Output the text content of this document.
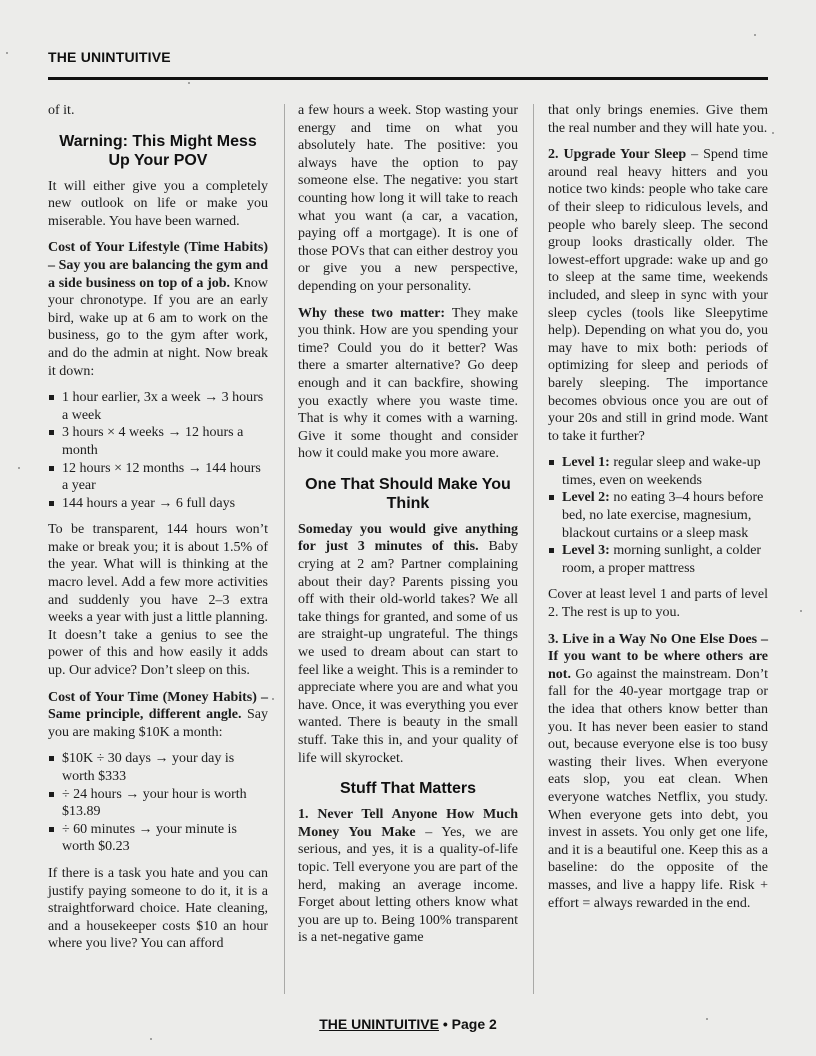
THE UNINTUITIVE

of it.

Warning: This Might Mess Up Your POV

It will either give you a completely new outlook on life or make you miserable. You have been warned.

Cost of Your Lifestyle (Time Habits) – Say you are balancing the gym and a side business on top of a job. Know your chronotype. If you are an early bird, wake up at 6 am to work on the business, go to the gym after work, and do the admin at night. Now break it down:

1 hour earlier, 3x a week → 3 hours a week
3 hours × 4 weeks → 12 hours a month
12 hours × 12 months → 144 hours a year
144 hours a year → 6 full days

To be transparent, 144 hours won’t make or break you; it is about 1.5% of the year. What will is thinking at the macro level. Add a few more activities and suddenly you have 2–3 extra weeks a year with just a little planning. It doesn’t take a genius to see the power of this and how easily it adds up. Our advice? Don’t sleep on this.

Cost of Your Time (Money Habits) – Same principle, different angle. Say you are making $10K a month:

$10K ÷ 30 days → your day is worth $333
÷ 24 hours → your hour is worth $13.89
÷ 60 minutes → your minute is worth $0.23

If there is a task you hate and you can justify paying someone to do it, it is a straightforward choice. Hate cleaning, and a housekeeper costs $10 an hour where you live? You can afford

a few hours a week. Stop wasting your energy and time on what you absolutely hate. The positive: you always have the option to pay someone else. The negative: you start counting how long it will take to reach what you want (a car, a vacation, paying off a mortgage). It is one of those POVs that can either destroy you or give you a new perspective, depending on your personality.

Why these two matter: They make you think. How are you spending your time? Could you do it better? Was there a smarter alternative? Go deep enough and it can backfire, showing you exactly where you waste time. That is why it comes with a warning. Give it some thought and consider how it could make you more aware.

One That Should Make You Think

Someday you would give anything for just 3 minutes of this. Baby crying at 2 am? Partner complaining about their day? Parents pissing you off with their old-world takes? We all take things for granted, and some of us are straight-up ungrateful. The things we used to dream about can start to feel like a weight. This is a reminder to appreciate where you are and what you have. Once, it was everything you ever wanted. There is beauty in the small stuff. Take this in, and your quality of life will skyrocket.

Stuff That Matters

1. Never Tell Anyone How Much Money You Make – Yes, we are serious, and yes, it is a quality-of-life topic. Tell everyone you are part of the herd, making an average income. Forget about letting others know what you are up to. Being 100% transparent is a net-negative game

that only brings enemies. Give them the real number and they will hate you.

2. Upgrade Your Sleep – Spend time around real heavy hitters and you notice two kinds: people who take care of their sleep to ridiculous levels, and people who barely sleep. The second group looks drastically older. The lowest-effort upgrade: wake up and go to sleep at the same time, weekends included, and sleep in sync with your sleep cycles (tools like Sleepytime help). Depending on what you do, you may have to mix both: periods of optimizing for sleep and periods of barely sleeping. The importance becomes obvious once you are out of your 20s and still in grind mode. Want to take it further?

Level 1: regular sleep and wake-up times, even on weekends
Level 2: no eating 3–4 hours before bed, no late exercise, magnesium, blackout curtains or a sleep mask
Level 3: morning sunlight, a colder room, a proper mattress

Cover at least level 1 and parts of level 2. The rest is up to you.

3. Live in a Way No One Else Does – If you want to be where others are not. Go against the mainstream. Don’t fall for the 40-year mortgage trap or the idea that others know better than you. It has never been easier to stand out, because everyone else is too busy wasting their lives. When everyone eats slop, you eat clean. When everyone watches Netflix, you study. When everyone gets into debt, you invest in assets. You only get one life, and it is a beautiful one. Keep this as a baseline: do the opposite of the masses, and live a happy life. Risk + effort = always rewarded in the end.

THE UNINTUITIVE • Page 2
